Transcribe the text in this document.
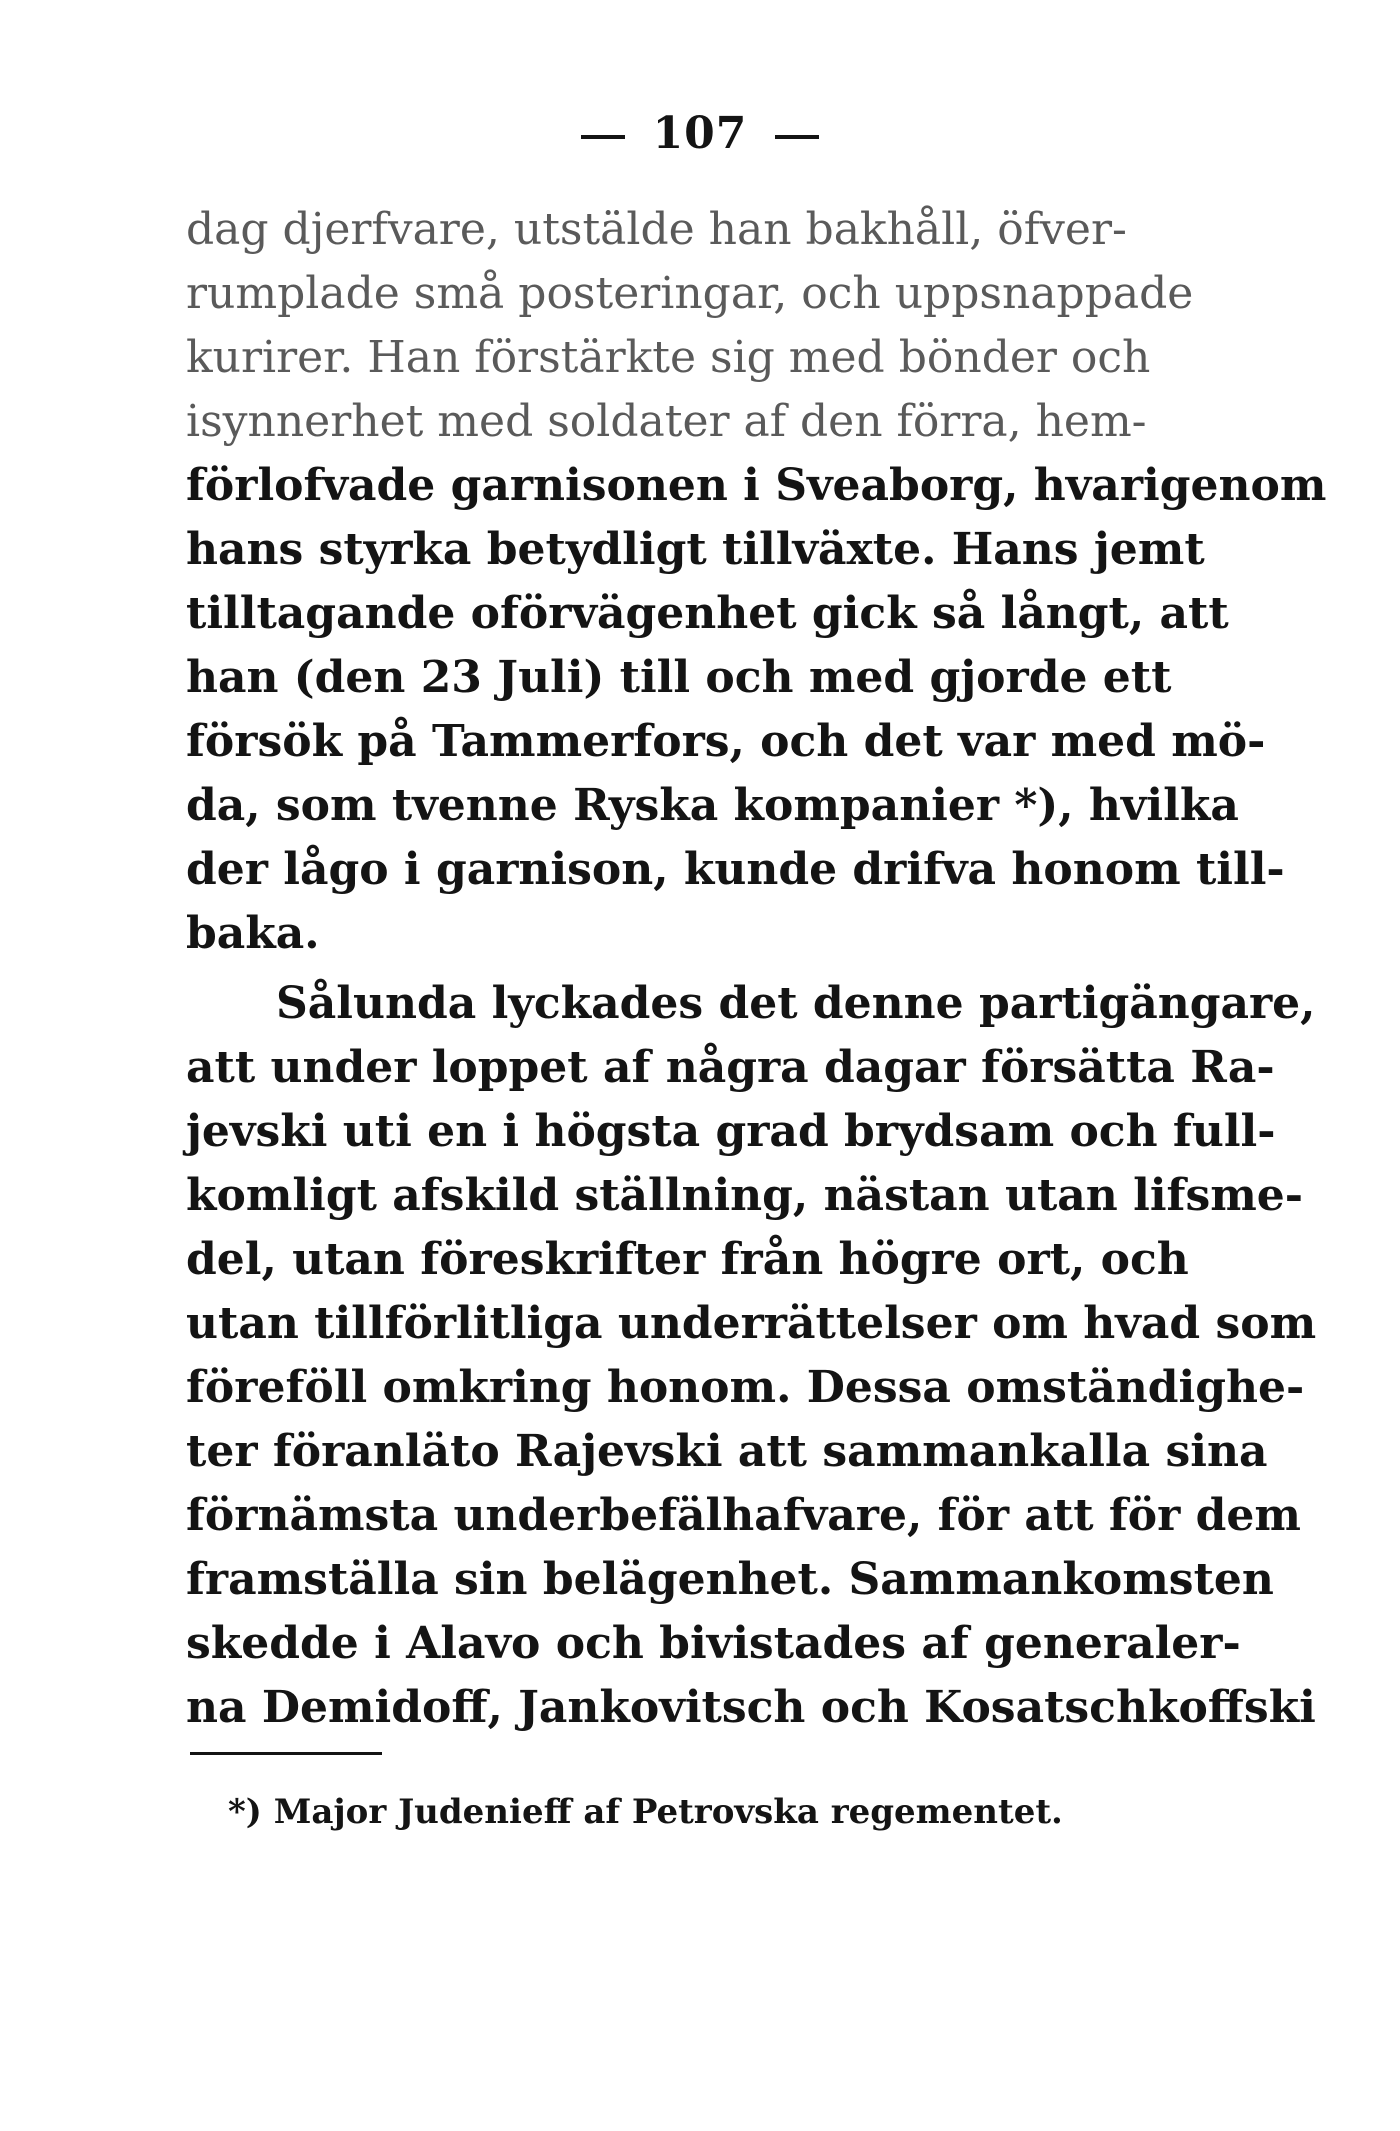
107
dag djerfvare, utstälde han bakhåll, öfver-
rumplade små posteringar, och uppsnappade
kurirer. Han förstärkte sig med bönder och
isynnerhet med soldater af den förra, hem-
förlofvade garnisonen i Sveaborg, hvarigenom
hans styrka betydligt tillväxte. Hans jemt
tilltagande oförvägenhet gick så långt, att
han (den 23 Juli) till och med gjorde ett
försök på Tammerfors, och det var med mö-
da, som tvenne Ryska kompanier *), hvilka
der lågo i garnison, kunde drifva honom till-
baka.
Sålunda lyckades det denne partigängare,
att under loppet af några dagar försätta Ra-
jevski uti en i högsta grad brydsam och full-
komligt afskild ställning, nästan utan lifsme-
del, utan föreskrifter från högre ort, och
utan tillförlitliga underrättelser om hvad som
föreföll omkring honom. Dessa omständighe-
ter föranläto Rajevski att sammankalla sina
förnämsta underbefälhafvare, för att för dem
framställa sin belägenhet. Sammankomsten
skedde i Alavo och bivistades af generaler-
na Demidoff, Jankovitsch och Kosatschkoffski
*) Major Judenieff af Petrovska regementet.
